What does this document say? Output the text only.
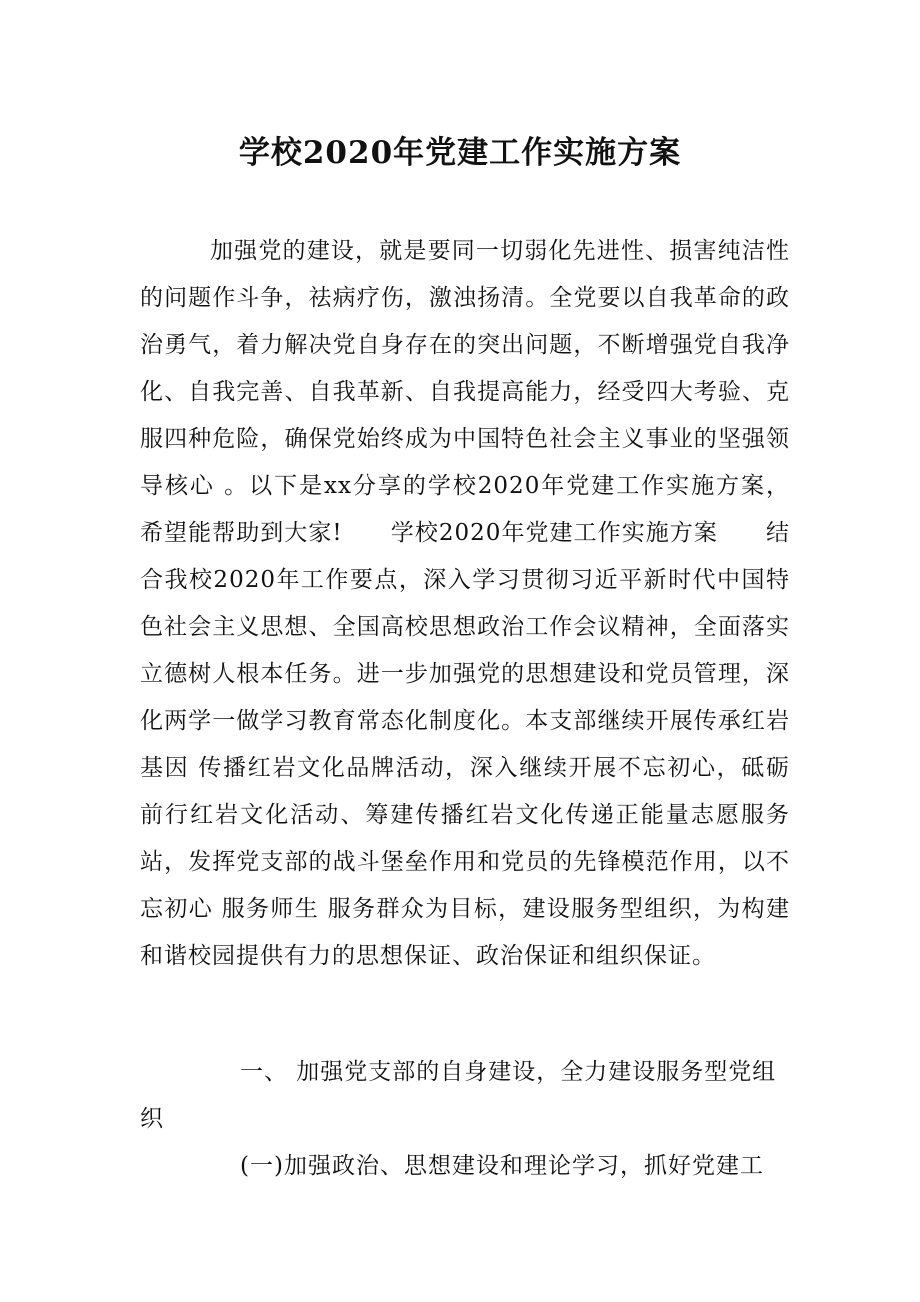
学校2020年党建工作实施方案

加强党的建设，就是要同一切弱化先进性、损害纯洁性的问题作斗争，祛病疗伤，激浊扬清。全党要以自我革命的政治勇气，着力解决党自身存在的突出问题，不断增强党自我净化、自我完善、自我革新、自我提高能力，经受四大考验、克服四种危险，确保党始终成为中国特色社会主义事业的坚强领导核心 。以下是xx分享的学校2020年党建工作实施方案，希望能帮助到大家!　　学校2020年党建工作实施方案　　结合我校2020年工作要点，深入学习贯彻习近平新时代中国特色社会主义思想、全国高校思想政治工作会议精神，全面落实立德树人根本任务。进一步加强党的思想建设和党员管理，深化两学一做学习教育常态化制度化。本支部继续开展传承红岩基因 传播红岩文化品牌活动，深入继续开展不忘初心，砥砺前行红岩文化活动、筹建传播红岩文化传递正能量志愿服务站，发挥党支部的战斗堡垒作用和党员的先锋模范作用，以不忘初心 服务师生 服务群众为目标，建设服务型组织，为构建和谐校园提供有力的思想保证、政治保证和组织保证。

一、 加强党支部的自身建设，全力建设服务型党组织

(一)加强政治、思想建设和理论学习，抓好党建工
